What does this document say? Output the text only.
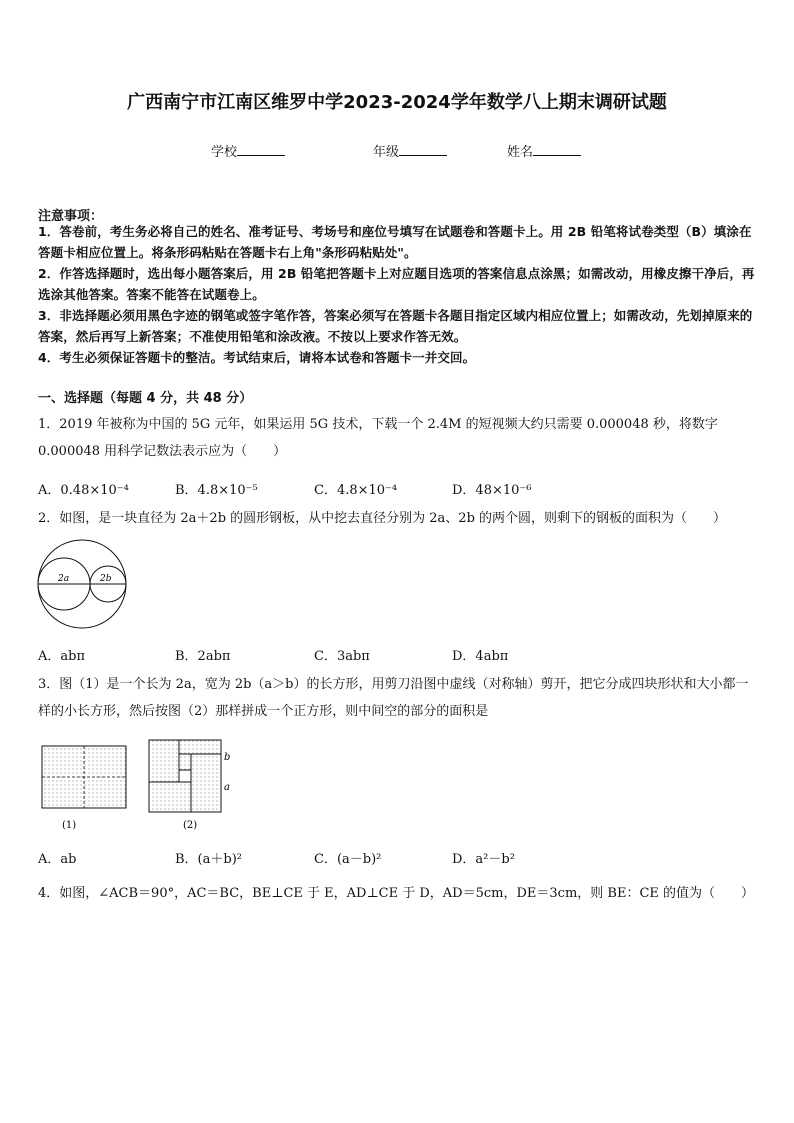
广西南宁市江南区维罗中学2023-2024学年数学八上期末调研试题
学校	年级	姓名
注意事项：
1．答卷前，考生务必将自己的姓名、准考证号、考场号和座位号填写在试题卷和答题卡上。用 2B 铅笔将试卷类型（B）填涂在答题卡相应位置上。将条形码粘贴在答题卡右上角"条形码粘贴处"。
2．作答选择题时，选出每小题答案后，用 2B 铅笔把答题卡上对应题目选项的答案信息点涂黑；如需改动，用橡皮擦干净后，再选涂其他答案。答案不能答在试题卷上。
3．非选择题必须用黑色字迹的钢笔或签字笔作答，答案必须写在答题卡各题目指定区域内相应位置上；如需改动，先划掉原来的答案，然后再写上新答案；不准使用铅笔和涂改液。不按以上要求作答无效。
4．考生必须保证答题卡的整洁。考试结束后，请将本试卷和答题卡一并交回。
一、选择题（每题 4 分，共 48 分）
1．2019 年被称为中国的 5G 元年，如果运用 5G 技术，下载一个 2.4M 的短视频大约只需要 0.000048 秒，将数字 0.000048 用科学记数法表示应为（　　）
A．0.48×10⁻⁴	B．4.8×10⁻⁵	C．4.8×10⁻⁴	D．48×10⁻⁶
2．如图，是一块直径为 2a＋2b 的圆形钢板，从中挖去直径分别为 2a、2b 的两个圆，则剩下的钢板的面积为（　　）
2a	2b
A．abπ	B．2abπ	C．3abπ	D．4abπ
3．图（1）是一个长为 2a，宽为 2b（a＞b）的长方形，用剪刀沿图中虚线（对称轴）剪开，把它分成四块形状和大小都一样的小长方形，然后按图（2）那样拼成一个正方形，则中间空的部分的面积是
(1)
b
a
(2)
A．ab	B．(a＋b)²	C．(a－b)²	D．a²－b²
4．如图，∠ACB＝90°，AC＝BC，BE⊥CE 于 E，AD⊥CE 于 D，AD＝5cm，DE＝3cm，则 BE：CE 的值为（　　）
